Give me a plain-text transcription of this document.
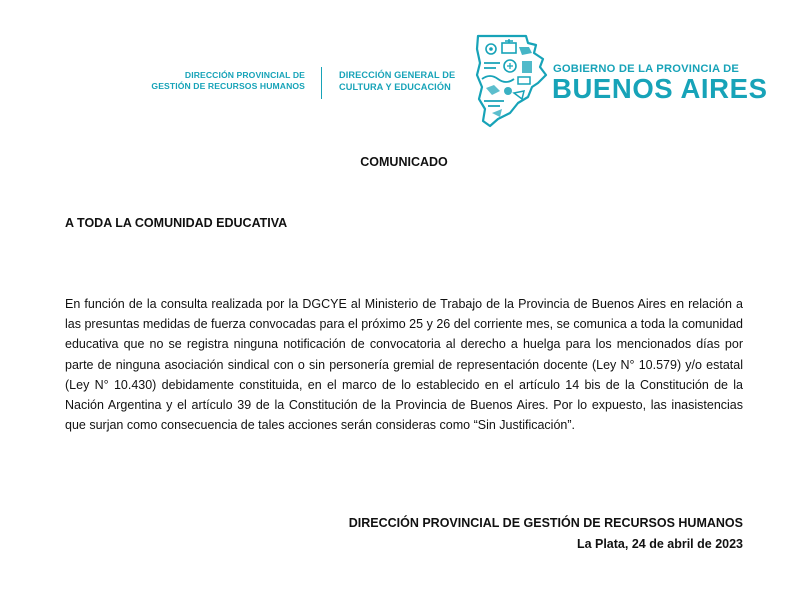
DIRECCIÓN PROVINCIAL DE
GESTIÓN DE RECURSOS HUMANOS
DIRECCIÓN GENERAL DE
CULTURA Y EDUCACIÓN
GOBIERNO DE LA PROVINCIA DE
BUENOS AIRES
COMUNICADO
A TODA LA COMUNIDAD EDUCATIVA

En función de la consulta realizada por la DGCYE al Ministerio de Trabajo de la Provincia de Buenos Aires en relación a las presuntas medidas de fuerza convocadas para el próximo 25 y 26 del corriente mes, se comunica a toda la comunidad educativa que no se registra ninguna notificación de convocatoria al derecho a huelga para los mencionados días por parte de ninguna asociación sindical con o sin personería gremial de representación docente (Ley N° 10.579) y/o estatal (Ley N° 10.430) debidamente constituida, en el marco de lo establecido en el artículo 14 bis de la Constitución de la Nación Argentina y el artículo 39 de la Constitución de la Provincia de Buenos Aires. Por lo expuesto, las inasistencias que surjan como consecuencia de tales acciones serán consideras como “Sin Justificación”.

DIRECCIÓN PROVINCIAL DE GESTIÓN DE RECURSOS HUMANOS
La Plata, 24 de abril de 2023
